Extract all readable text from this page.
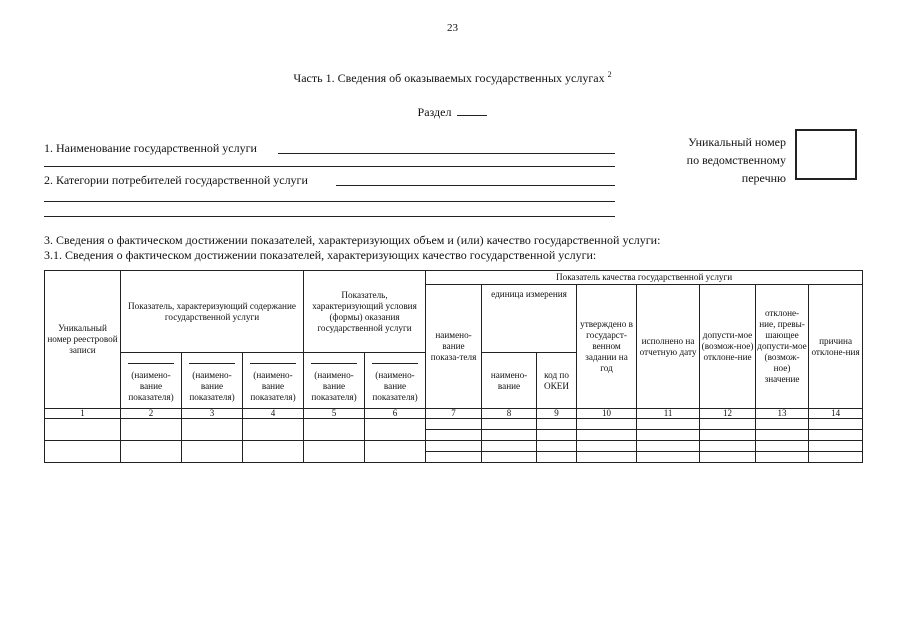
23
Часть 1. Сведения об оказываемых государственных услугах $^2$
Раздел
1. Наименование государственной услуги
2. Категории потребителей государственной услуги
Уникальный номер
по ведомственному
перечню
3. Сведения о фактическом достижении показателей, характеризующих объем и (или) качество государственной услуги:
3.1. Сведения о фактическом достижении показателей, характеризующих качество государственной услуги:
Уникальный номер реестровой записи	Показатель, характеризующий содержание государственной услуги			Показатель, характеризующий условия (формы) оказания государственной услуги		Показатель качества государственной услуги							
						наимено-вание показа-теля	единица измерения		утверждено в государст-венном задании на год	исполнено на отчетную дату	допусти-мое (возмож-ное) отклоне-ние	отклоне-ние, превы-шающее допусти-мое (возмож-ное) значение	причина отклоне-ния

(наимено-вание показателя)	(наимено-вание показателя)	(наимено-вание показателя)	(наимено-вание показателя)	(наимено-вание показателя)		наимено-вание	код по ОКЕИ					
1	2	3	4	5	6	7	8	9	10	11	12	13	14
